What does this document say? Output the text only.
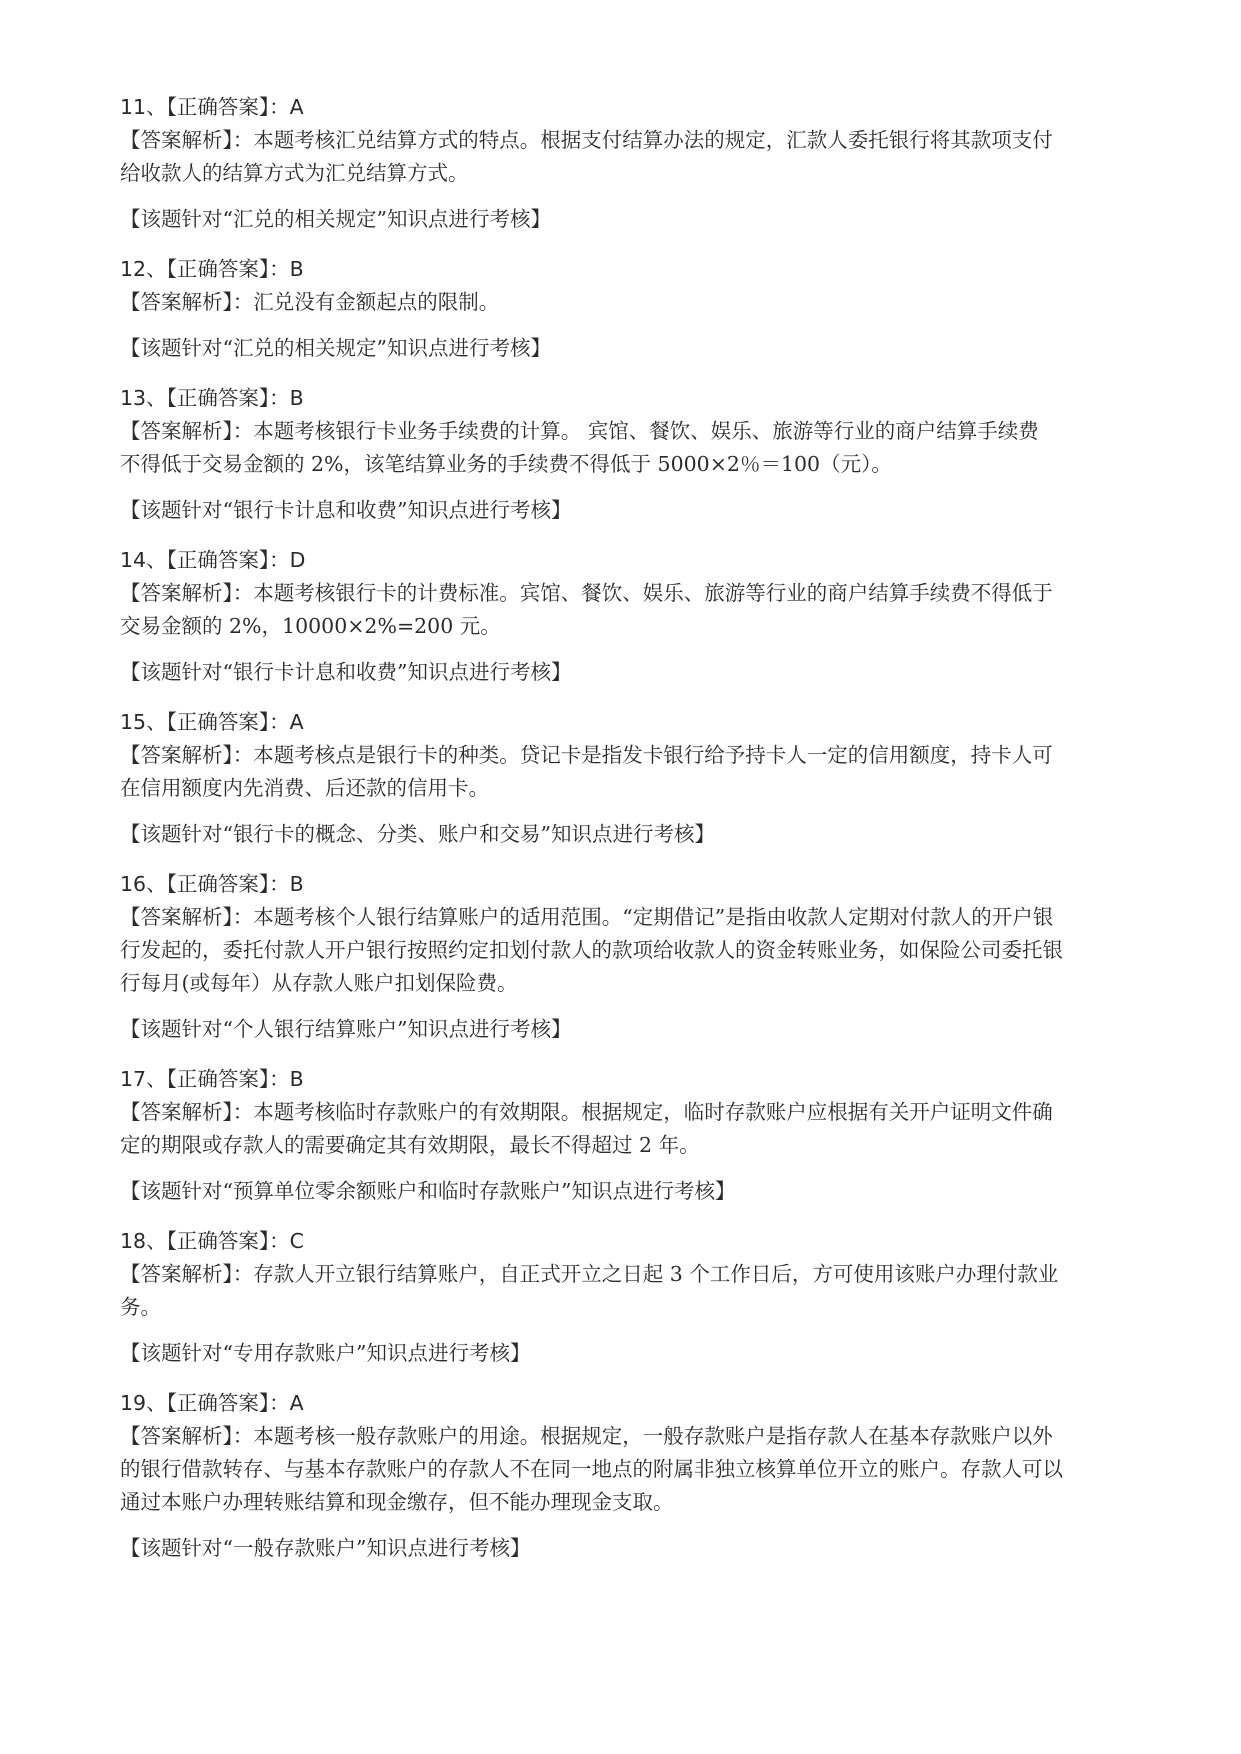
11、【正确答案】：A

【答案解析】：本题考核汇兑结算方式的特点。根据支付结算办法的规定，汇款人委托银行将其款项支付

给收款人的结算方式为汇兑结算方式。

【该题针对“汇兑的相关规定”知识点进行考核】

12、【正确答案】：B

【答案解析】：汇兑没有金额起点的限制。

【该题针对“汇兑的相关规定”知识点进行考核】

13、【正确答案】：B

【答案解析】：本题考核银行卡业务手续费的计算。 宾馆、餐饮、娱乐、旅游等行业的商户结算手续费

不得低于交易金额的 2%，该笔结算业务的手续费不得低于 5000×2％＝100（元）。

【该题针对“银行卡计息和收费”知识点进行考核】

14、【正确答案】：D

【答案解析】：本题考核银行卡的计费标准。宾馆、餐饮、娱乐、旅游等行业的商户结算手续费不得低于

交易金额的 2%，10000×2%=200 元。

【该题针对“银行卡计息和收费”知识点进行考核】

15、【正确答案】：A

【答案解析】：本题考核点是银行卡的种类。贷记卡是指发卡银行给予持卡人一定的信用额度，持卡人可

在信用额度内先消费、后还款的信用卡。

【该题针对“银行卡的概念、分类、账户和交易”知识点进行考核】

16、【正确答案】：B

【答案解析】：本题考核个人银行结算账户的适用范围。“定期借记”是指由收款人定期对付款人的开户银

行发起的，委托付款人开户银行按照约定扣划付款人的款项给收款人的资金转账业务，如保险公司委托银

行每月(或每年）从存款人账户扣划保险费。

【该题针对“个人银行结算账户”知识点进行考核】

17、【正确答案】：B

【答案解析】：本题考核临时存款账户的有效期限。根据规定，临时存款账户应根据有关开户证明文件确

定的期限或存款人的需要确定其有效期限，最长不得超过 2 年。

【该题针对“预算单位零余额账户和临时存款账户”知识点进行考核】

18、【正确答案】：C

【答案解析】：存款人开立银行结算账户，自正式开立之日起 3 个工作日后，方可使用该账户办理付款业

务。

【该题针对“专用存款账户”知识点进行考核】

19、【正确答案】：A

【答案解析】：本题考核一般存款账户的用途。根据规定，一般存款账户是指存款人在基本存款账户以外

的银行借款转存、与基本存款账户的存款人不在同一地点的附属非独立核算单位开立的账户。存款人可以

通过本账户办理转账结算和现金缴存，但不能办理现金支取。

【该题针对“一般存款账户”知识点进行考核】
